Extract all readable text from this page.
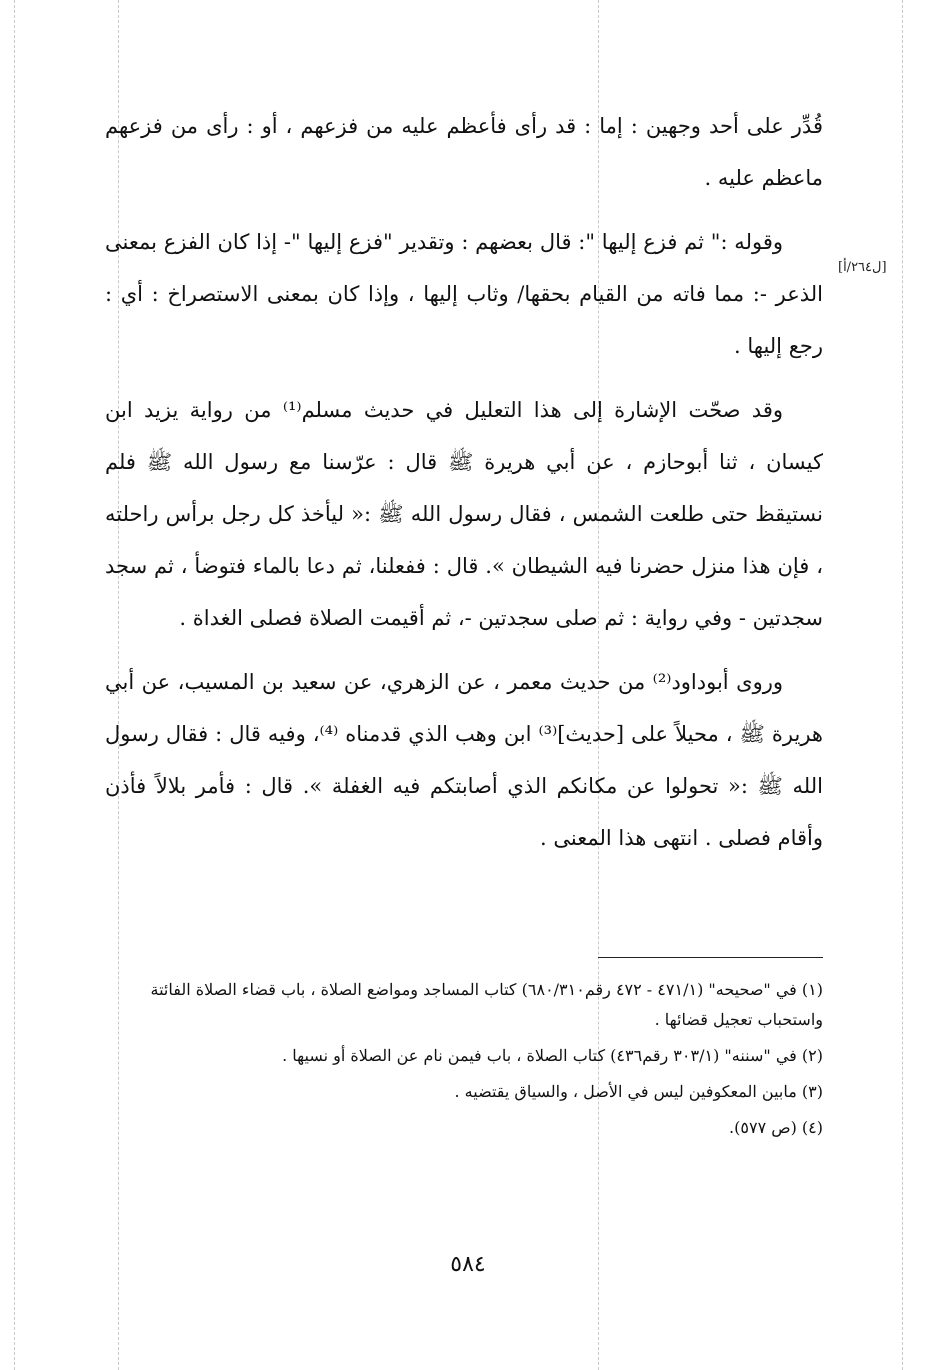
[ل٢٦٤/أ]

قُدِّر على أحد وجهين : إما : قد رأى فأعظم عليه من فزعهم ، أو : رأى من فزعهم ماعظم عليه .

وقوله :" ثم فزع إليها ": قال بعضهم : وتقدير "فزع إليها "- إذا كان الفزع بمعنى الذعر -: مما فاته من القيام بحقها/ وثاب إليها ، وإذا كان بمعنى الاستصراخ : أي : رجع إليها .

وقد صحّت الإشارة إلى هذا التعليل في حديث مسلم⁽¹⁾ من رواية يزيد ابن كيسان ، ثنا أبوحازم ، عن أبي هريرة ﷺ قال : عرّسنا مع رسول الله ﷺ فلم نستيقظ حتى طلعت الشمس ، فقال رسول الله ﷺ :« ليأخذ كل رجل برأس راحلته ، فإن هذا منزل حضرنا فيه الشيطان ». قال : ففعلنا، ثم دعا بالماء فتوضأ ، ثم سجد سجدتين - وفي رواية : ثم صلى سجدتين -، ثم أقيمت الصلاة فصلى الغداة .

وروى أبوداود⁽²⁾ من حديث معمر ، عن الزهري، عن سعيد بن المسيب، عن أبي هريرة ﷺ ، محيلاً على [حديث]⁽³⁾ ابن وهب الذي قدمناه ⁽⁴⁾، وفيه قال : فقال رسول الله ﷺ :« تحولوا عن مكانكم الذي أصابتكم فيه الغفلة ». قال : فأمر بلالاً فأذن وأقام فصلى . انتهى هذا المعنى .

(١) في "صحيحه" (٤٧١/١ - ٤٧٢ رقم٦٨٠/٣١٠) كتاب المساجد ومواضع الصلاة ، باب قضاء الصلاة الفائتة واستحباب تعجيل قضائها .

(٢) في "سننه" (٣٠٣/١ رقم٤٣٦) كتاب الصلاة ، باب فيمن نام عن الصلاة أو نسيها .

(٣) مابين المعكوفين ليس في الأصل ، والسياق يقتضيه .

(٤) (ص ٥٧٧).

٥٨٤
